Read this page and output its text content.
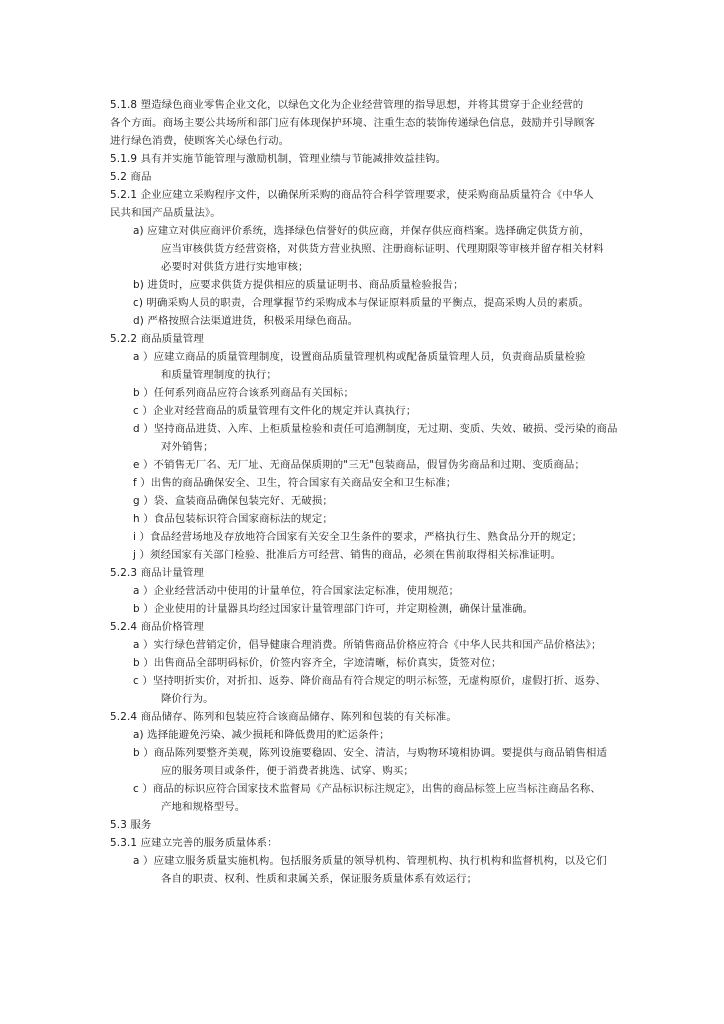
5.1.8 塑造绿色商业零售企业文化，以绿色文化为企业经营管理的指导思想，并将其贯穿于企业经营的
各个方面。商场主要公共场所和部门应有体现保护环境、注重生态的装饰传递绿色信息，鼓励并引导顾客
进行绿色消费，使顾客关心绿色行动。
5.1.9 具有并实施节能管理与激励机制，管理业绩与节能减排效益挂钩。
5.2 商品
5.2.1 企业应建立采购程序文件，以确保所采购的商品符合科学管理要求，使采购商品质量符合《中华人
民共和国产品质量法》。
a) 应建立对供应商评价系统，选择绿色信誉好的供应商，并保存供应商档案。选择确定供货方前，
应当审核供货方经营资格，对供货方营业执照、注册商标证明、代理期限等审核并留存相关材料
必要时对供货方进行实地审核；
b) 进货时，应要求供货方提供相应的质量证明书、商品质量检验报告；
c) 明确采购人员的职责，合理掌握节约采购成本与保证原料质量的平衡点，提高采购人员的素质。
d) 严格按照合法渠道进货，积极采用绿色商品。
5.2.2 商品质量管理
a ）应建立商品的质量管理制度，设置商品质量管理机构或配备质量管理人员，负责商品质量检验
和质量管理制度的执行；
b ）任何系列商品应符合该系列商品有关国标；
c ）企业对经营商品的质量管理有文件化的规定并认真执行；
d ）坚持商品进货、入库、上柜质量检验和责任可追溯制度，无过期、变质、失效、破损、受污染的商品
对外销售；
e ）不销售无厂名、无厂址、无商品保质期的"三无"包装商品，假冒伪劣商品和过期、变质商品；
f ）出售的商品确保安全、卫生，符合国家有关商品安全和卫生标准；
g ）袋、盒装商品确保包装完好、无破损；
h ）食品包装标识符合国家商标法的规定；
i ）食品经营场地及存放地符合国家有关安全卫生条件的要求，严格执行生、熟食品分开的规定；
j ）须经国家有关部门检验、批准后方可经营、销售的商品，必须在售前取得相关标准证明。
5.2.3 商品计量管理
a ）企业经营活动中使用的计量单位，符合国家法定标准，使用规范；
b ）企业使用的计量器具均经过国家计量管理部门许可，并定期检测，确保计量准确。
5.2.4 商品价格管理
a ）实行绿色营销定价，倡导健康合理消费。所销售商品价格应符合《中华人民共和国产品价格法》；
b ）出售商品全部明码标价，价签内容齐全，字迹清晰，标价真实，货签对位；
c ）坚持明折实价，对折扣、返券、降价商品有符合规定的明示标签，无虚构原价，虚假打折、返券、
降价行为。
5.2.4 商品储存、陈列和包装应符合该商品储存、陈列和包装的有关标准。
a) 选择能避免污染、减少损耗和降低费用的贮运条件；
b ）商品陈列要整齐美观，陈列设施要稳固、安全、清洁，与购物环境相协调。要提供与商品销售相适
应的服务项目或条件，便于消费者挑选、试穿、购买；
c ）商品的标识应符合国家技术监督局《产品标识标注规定》，出售的商品标签上应当标注商品名称、
产地和规格型号。
5.3 服务
5.3.1 应建立完善的服务质量体系：
a ）应建立服务质量实施机构。包括服务质量的领导机构、管理机构、执行机构和监督机构，以及它们
各自的职责、权利、性质和隶属关系，保证服务质量体系有效运行；
